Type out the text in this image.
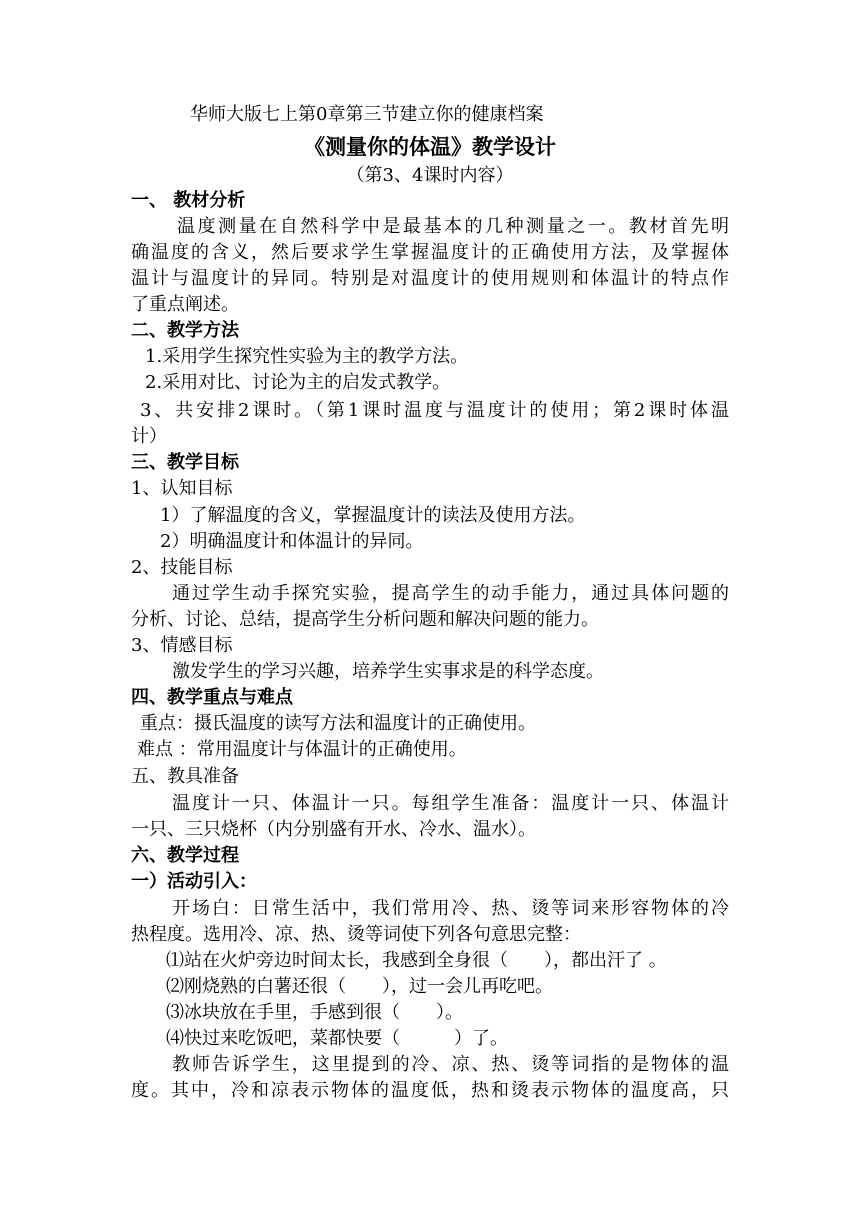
华师大版七上第0章第三节建立你的健康档案
《测量你的体温》教学设计
（第3、4课时内容）
一、 教材分析
温度测量在自然科学中是最基本的几种测量之一。教材首先明
确温度的含义，然后要求学生掌握温度计的正确使用方法，及掌握体
温计与温度计的异同。特别是对温度计的使用规则和体温计的特点作
了重点阐述。
二、教学方法
1.采用学生探究性实验为主的教学方法。
2.采用对比、讨论为主的启发式教学。
3、共安排2课时。（第1课时温度与温度计的使用；第2课时体温
计）
三、教学目标
1、认知目标
1）了解温度的含义，掌握温度计的读法及使用方法。
2）明确温度计和体温计的异同。
2、技能目标
通过学生动手探究实验，提高学生的动手能力，通过具体问题的
分析、讨论、总结，提高学生分析问题和解决问题的能力。
3、情感目标
激发学生的学习兴趣，培养学生实事求是的科学态度。
四、教学重点与难点
重点：摄氏温度的读写方法和温度计的正确使用。
难点 ：常用温度计与体温计的正确使用。
五、教具准备
温度计一只、体温计一只。每组学生准备：温度计一只、体温计
一只、三只烧杯（内分别盛有开水、冷水、温水）。
六、教学过程
一）活动引入：
开场白：日常生活中，我们常用冷、热、烫等词来形容物体的冷
热程度。选用冷、凉、热、烫等词使下列各句意思完整：
⑴站在火炉旁边时间太长，我感到全身很（　　），都出汗了 。
⑵刚烧熟的白薯还很（　　），过一会儿再吃吧。
⑶冰块放在手里，手感到很（　　）。
⑷快过来吃饭吧，菜都快要（　　　）了。
教师告诉学生，这里提到的冷、凉、热、烫等词指的是物体的温
度。其中，冷和凉表示物体的温度低，热和烫表示物体的温度高，只
